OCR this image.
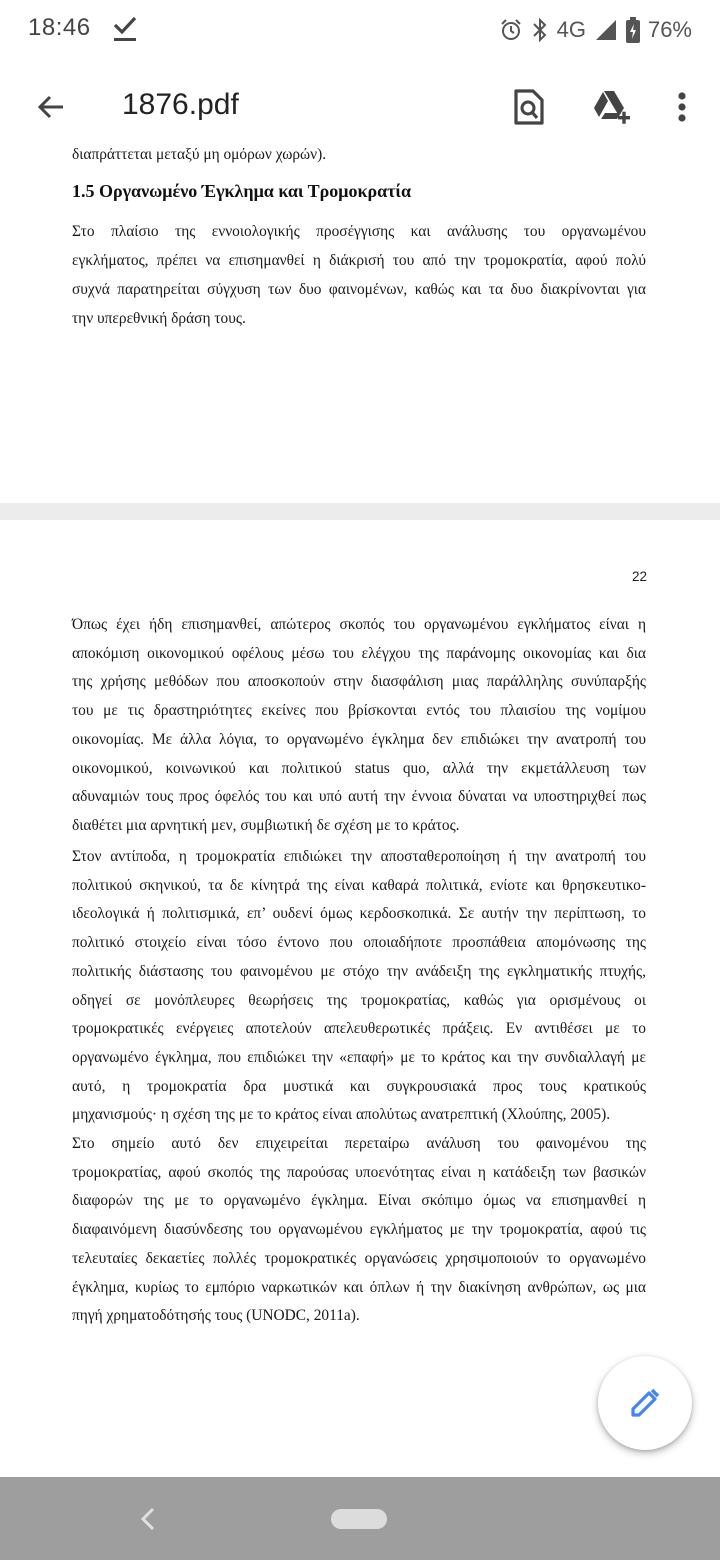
18:46	4G	76%
1876.pdf
διαπράττεται μεταξύ μη ομόρων χωρών).
1.5 Οργανωμένο Έγκλημα και Τρομοκρατία
Στο πλαίσιο της εννοιολογικής προσέγγισης και ανάλυσης του οργανωμένου
εγκλήματος, πρέπει να επισημανθεί η διάκρισή του από την τρομοκρατία, αφού πολύ
συχνά παρατηρείται σύγχυση των δυο φαινομένων, καθώς και τα δυο διακρίνονται για
την υπερεθνική δράση τους.
22
Όπως έχει ήδη επισημανθεί, απώτερος σκοπός του οργανωμένου εγκλήματος είναι η
αποκόμιση οικονομικού οφέλους μέσω του ελέγχου της παράνομης οικονομίας και δια
της χρήσης μεθόδων που αποσκοπούν στην διασφάλιση μιας παράλληλης συνύπαρξής
του με τις δραστηριότητες εκείνες που βρίσκονται εντός του πλαισίου της νομίμου
οικονομίας. Με άλλα λόγια, το οργανωμένο έγκλημα δεν επιδιώκει την ανατροπή του
οικονομικού, κοινωνικού και πολιτικού status quo, αλλά την εκμετάλλευση των
αδυναμιών τους προς όφελός του και υπό αυτή την έννοια δύναται να υποστηριχθεί πως
διαθέτει μια αρνητική μεν, συμβιωτική δε σχέση με το κράτος.
Στον αντίποδα, η τρομοκρατία επιδιώκει την αποσταθεροποίηση ή την ανατροπή του
πολιτικού σκηνικού, τα δε κίνητρά της είναι καθαρά πολιτικά, ενίοτε και θρησκευτικο-
ιδεολογικά ή πολιτισμικά, επ’ ουδενί όμως κερδοσκοπικά. Σε αυτήν την περίπτωση, το
πολιτικό στοιχείο είναι τόσο έντονο που οποιαδήποτε προσπάθεια απομόνωσης της
πολιτικής διάστασης του φαινομένου με στόχο την ανάδειξη της εγκληματικής πτυχής,
οδηγεί σε μονόπλευρες θεωρήσεις της τρομοκρατίας, καθώς για ορισμένους οι
τρομοκρατικές ενέργειες αποτελούν απελευθερωτικές πράξεις. Εν αντιθέσει με το
οργανωμένο έγκλημα, που επιδιώκει την «επαφή» με το κράτος και την συνδιαλλαγή με
αυτό, η τρομοκρατία δρα μυστικά και συγκρουσιακά προς τους κρατικούς
μηχανισμούς· η σχέση της με το κράτος είναι απολύτως ανατρεπτική (Χλούπης, 2005).
Στο σημείο αυτό δεν επιχειρείται περεταίρω ανάλυση του φαινομένου της
τρομοκρατίας, αφού σκοπός της παρούσας υποενότητας είναι η κατάδειξη των βασικών
διαφορών της με το οργανωμένο έγκλημα. Είναι σκόπιμο όμως να επισημανθεί η
διαφαινόμενη διασύνδεσης του οργανωμένου εγκλήματος με την τρομοκρατία, αφού τις
τελευταίες δεκαετίες πολλές τρομοκρατικές οργανώσεις χρησιμοποιούν το οργανωμένο
έγκλημα, κυρίως το εμπόριο ναρκωτικών και όπλων ή την διακίνηση ανθρώπων, ως μια
πηγή χρηματοδότησής τους (UNODC, 2011a).
